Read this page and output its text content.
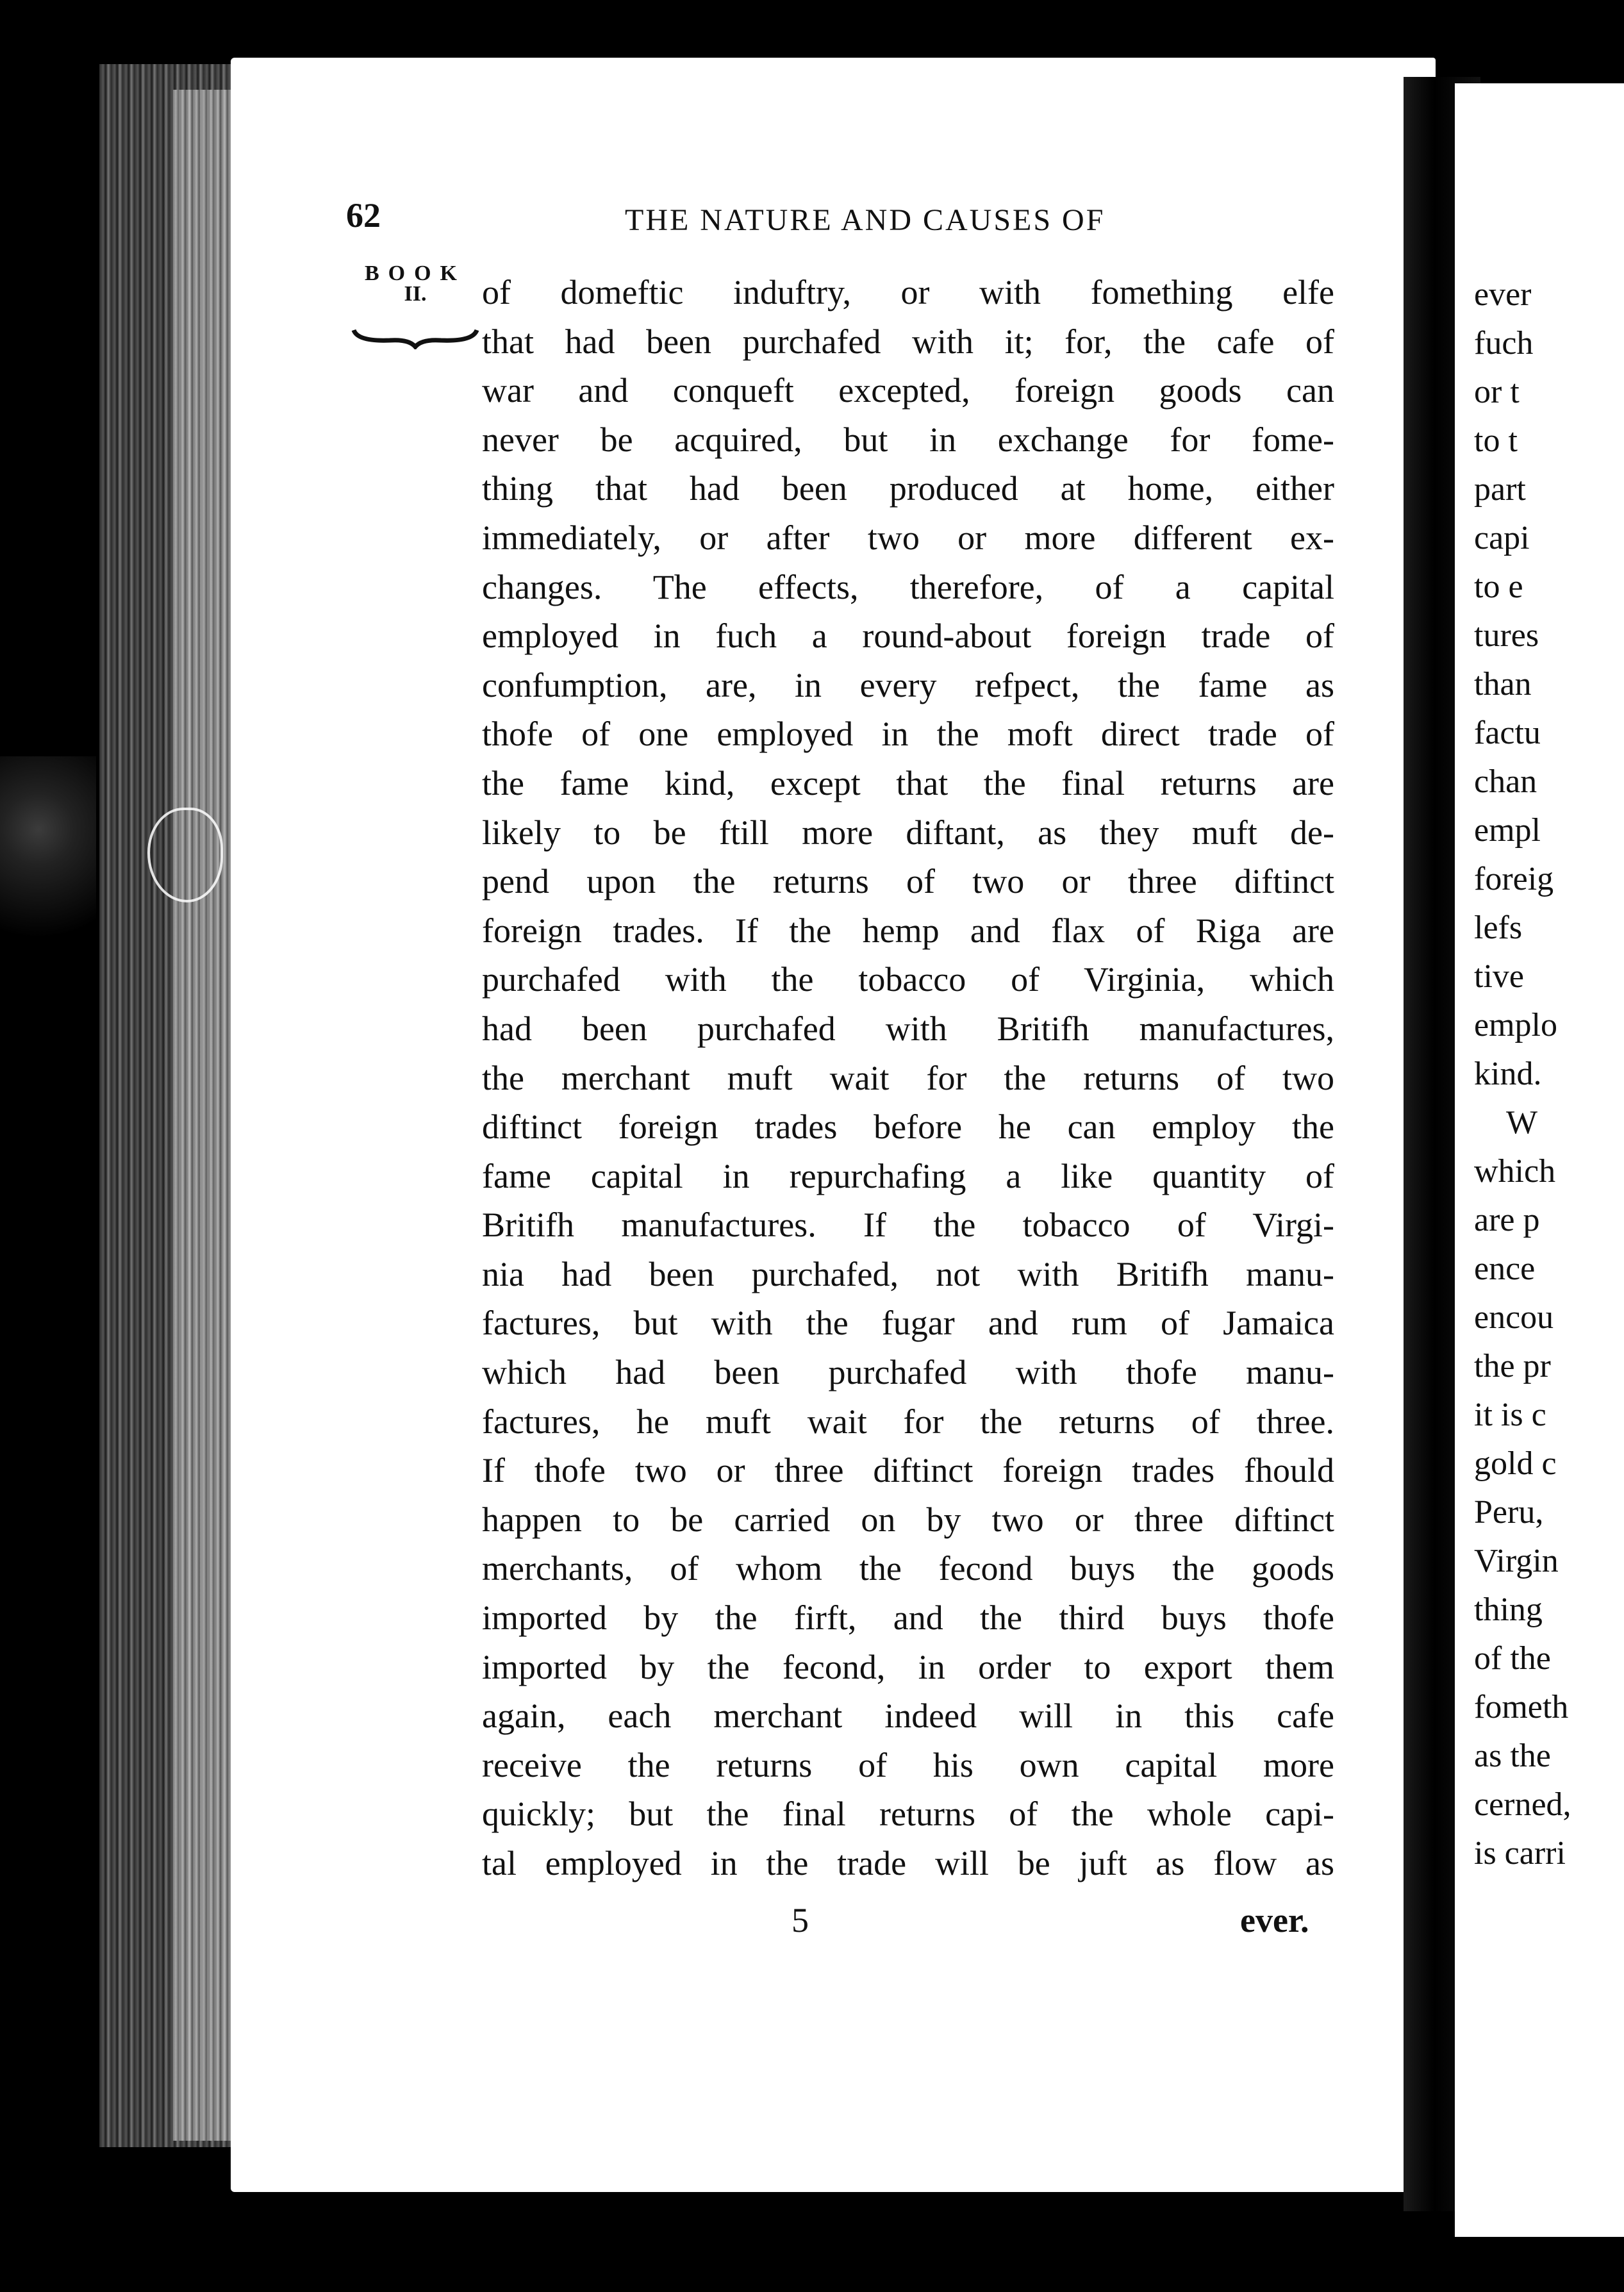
62	THE NATURE AND CAUSES OF
BOOK
II.	of domeftic induftry, or with fomething elfe
that had been purchafed with it; for, the cafe of
war and conqueft excepted, foreign goods can
never be acquired, but in exchange for fome-
thing that had been produced at home, either
immediately, or after two or more different ex-
changes. The effects, therefore, of a capital
employed in fuch a round-about foreign trade of
confumption, are, in every refpect, the fame as
thofe of one employed in the moft direct trade of
the fame kind, except that the final returns are
likely to be ftill more diftant, as they muft de-
pend upon the returns of two or three diftinct
foreign trades. If the hemp and flax of Riga are
purchafed with the tobacco of Virginia, which
had been purchafed with Britifh manufactures,
the merchant muft wait for the returns of two
diftinct foreign trades before he can employ the
fame capital in repurchafing a like quantity of
Britifh manufactures. If the tobacco of Virgi-
nia had been purchafed, not with Britifh manu-
factures, but with the fugar and rum of Jamaica
which had been purchafed with thofe manu-
factures, he muft wait for the returns of three.
If thofe two or three diftinct foreign trades fhould
happen to be carried on by two or three diftinct
merchants, of whom the fecond buys the goods
imported by the firft, and the third buys thofe
imported by the fecond, in order to export them
again, each merchant indeed will in this cafe
receive the returns of his own capital more
quickly; but the final returns of the whole capi-
tal employed in the trade will be juft as flow as
5	ever.
ever
fuch
or t
to t
part
capi
to e
tures
than
factu
chan
empl
foreig
lefs
tive
emplo
kind.
W
which
are p
ence
encou
the pr
it is c
gold c
Peru,
Virgin
thing
of the
fometh
as the
cerned,
is carri
